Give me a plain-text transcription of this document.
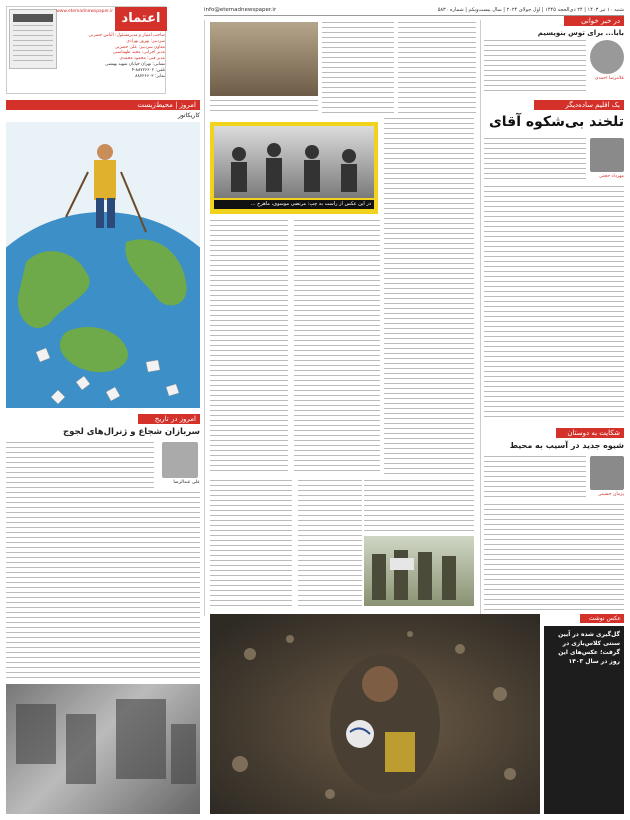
اعتماد
www.etemadnewspaper.ir
صاحب امتیاز و مدیرمسئول: الیاس حضرتی
سردبیر: بهروز بهزادی
معاون سردبیر: علی حضرتی
مدیر اجرایی: مجید طهماسبی
مدیر فنی: محمود محمدی
نشانی: تهران خیابان شهید بهشتی
تلفن: ۸۸۷۲۶۶۰۲-۴
نمابر: ۸۸۷۲۶۶۰۳
info@etemadnewspaper.ir	شنبه ۱۰ تیر ۱۴۰۳ | ۲۴ ذی‌الحجه ۱۴۴۵ | اول جولای ۲۰۲۴ | سال بیست‌ویکم | شماره ۵۸۳۰
امروز | محیط‌زیست
کاریکاتور
امروز در تاریخ
سربازان شجاع و ژنرال‌های لجوج
علی عبدالرضا
در این عکس از راست به چپ: مرتضی موسوی، ماهرخ ...
در خبر خوانی
بابا... برای توس بنویسیم
غلامرضا احمدی
یک اقلیم ساده‌دیگر
تلخند بی‌شکوه آقای
مهرداد حجتی
شکایت به دوستان
شیوه جدید در آسیب به محیط
پژمان حسینی
عکس نوشت
گل‌گیری شده در آیین سنتی کلاس‌بازی در گرفت؛ عکس‌های این روز در سال ۱۴۰۳
